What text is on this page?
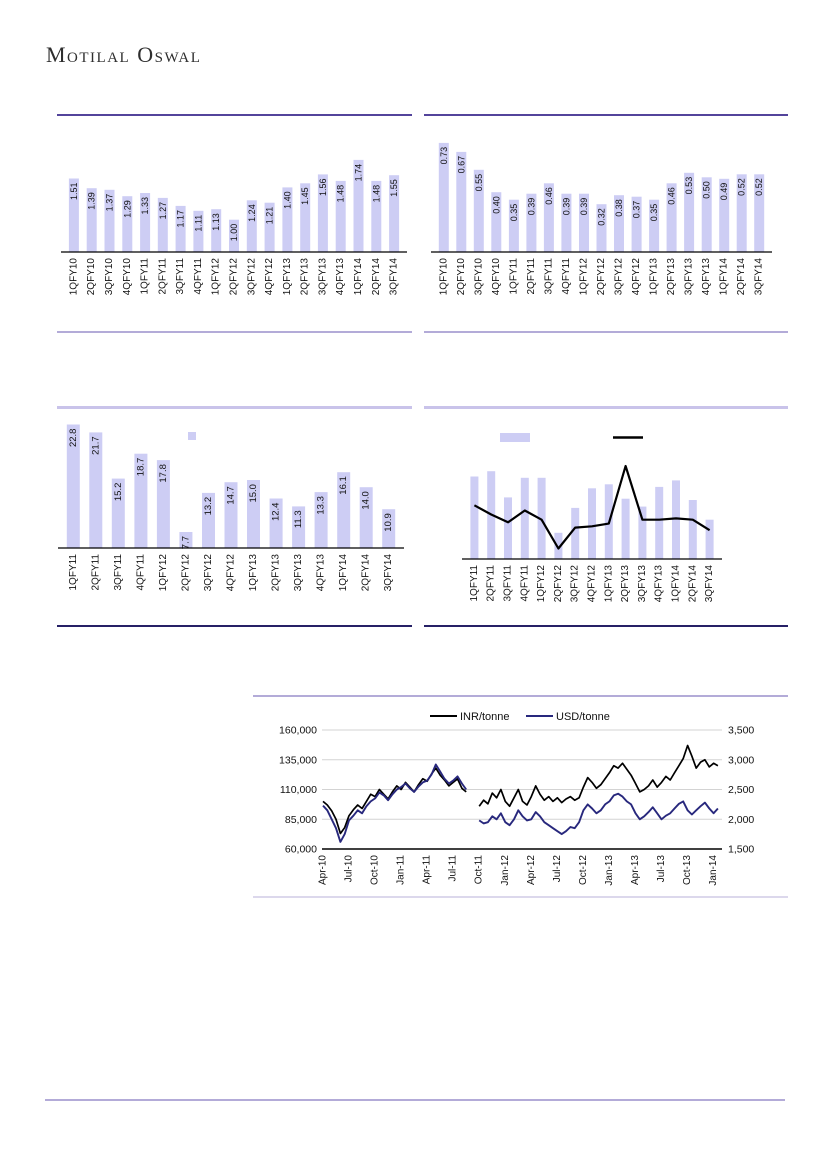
Motilal Oswal
1.51
1.39 1.37 1.29 1.33 1.27 1.17 1.11 1.13
1.00
1.24 1.21
1.40 1.45
1.56 1.48
1.74
1.48 1.55
1QFY10 2QFY10 3QFY10 4QFY10 1QFY11 2QFY11 3QFY11 4QFY11 1QFY12 2QFY12 3QFY12 4QFY12 1QFY13 2QFY13 3QFY13 4QFY13 1QFY14 2QFY14 3QFY14
0.73
0.67
0.55
0.40 0.35 0.39
0.46
0.39 0.39
0.32
0.38 0.37 0.35
0.46
0.53 0.50 0.49 0.52 0.52
1QFY10 2QFY10 3QFY10 4QFY10 1QFY11 2QFY11 3QFY11 4QFY11 1QFY12 2QFY12 3QFY12 4QFY12 1QFY13 2QFY13 3QFY13 4QFY13 1QFY14 2QFY14 3QFY14
22.8 21.7
15.2
18.7 17.8
7.7
13.2
14.7 15.0
12.4 11.3
13.3
16.1
14.0
10.9
1QFY11 2QFY11 3QFY11 4QFY11 1QFY12 2QFY12 3QFY12 4QFY12 1QFY13 2QFY13 3QFY13 4QFY13 1QFY14 2QFY14 3QFY14	1QFY11 2QFY11 3QFY11 4QFY11 1QFY12 2QFY12 3QFY12 4QFY12 1QFY13 2QFY13 3QFY13 4QFY13 1QFY14 2QFY14 3QFY14
160,000	3,500
135,000	3,000
110,000	2,500
85,000	2,000
60,000	1,500
Apr-10 Jul-10 Oct-10 Jan-11 Apr-11 Jul-11 Oct-11 Jan-12 Apr-12 Jul-12 Oct-12 Jan-13 Apr-13 Jul-13 Oct-13 Jan-14
INR/tonne	USD/tonne
